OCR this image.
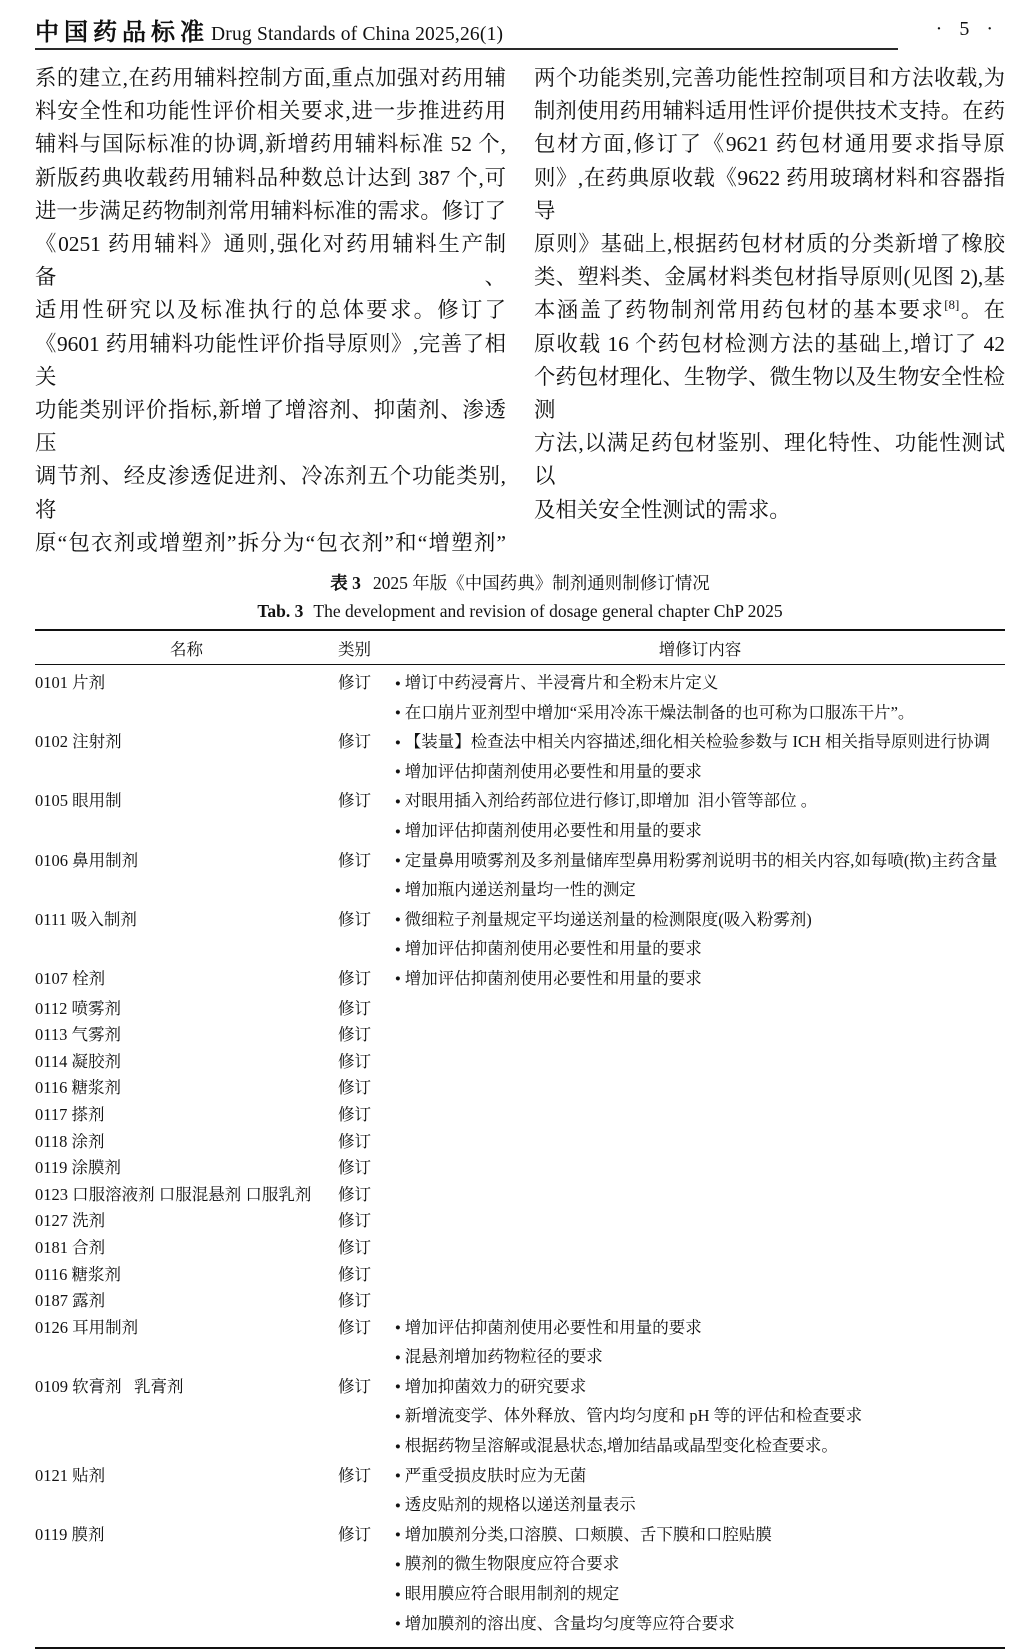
中国药品标准 Drug Standards of China 2025,26(1)	· 5 ·
系的建立,在药用辅料控制方面,重点加强对药用辅
料安全性和功能性评价相关要求,进一步推进药用
辅料与国际标准的协调,新增药用辅料标准 52 个,
新版药典收载药用辅料品种数总计达到 387 个,可
进一步满足药物制剂常用辅料标准的需求。修订了
《0251 药用辅料》通则,强化对药用辅料生产制备、
适用性研究以及标准执行的总体要求。修订了
《9601 药用辅料功能性评价指导原则》,完善了相关
功能类别评价指标,新增了增溶剂、抑菌剂、渗透压
调节剂、经皮渗透促进剂、冷冻剂五个功能类别,将
原“包衣剂或增塑剂”拆分为“包衣剂”和“增塑剂”
两个功能类别,完善功能性控制项目和方法收载,为
制剂使用药用辅料适用性评价提供技术支持。在药
包材方面,修订了《9621 药包材通用要求指导原
则》,在药典原收载《9622 药用玻璃材料和容器指导
原则》基础上,根据药包材材质的分类新增了橡胶
类、塑料类、金属材料类包材指导原则(见图 2),基
本涵盖了药物制剂常用药包材的基本要求[8]。在
原收载 16 个药包材检测方法的基础上,增订了 42
个药包材理化、生物学、微生物以及生物安全性检测
方法,以满足药包材鉴别、理化特性、功能性测试以
及相关安全性测试的需求。
表 3 2025 年版《中国药典》制剂通则制修订情况
Tab. 3 The development and revision of dosage general chapter ChP 2025
名称	类别	增修订内容
0101 片剂	修订	● 增订中药浸膏片、半浸膏片和全粉末片定义
● 在口崩片亚剂型中增加“采用冷冻干燥法制备的也可称为口服冻干片”。
0102 注射剂	修订	● 【装量】检查法中相关内容描述,细化相关检验参数与 ICH 相关指导原则进行协调
● 增加评估抑菌剂使用必要性和用量的要求
0105 眼用制	修订	● 对眼用插入剂给药部位进行修订,即增加  泪小管等部位 。
● 增加评估抑菌剂使用必要性和用量的要求
0106 鼻用制剂	修订	● 定量鼻用喷雾剂及多剂量储库型鼻用粉雾剂说明书的相关内容,如每喷(揿)主药含量
● 增加瓶内递送剂量均一性的测定
0111 吸入制剂	修订	● 微细粒子剂量规定平均递送剂量的检测限度(吸入粉雾剂)
● 增加评估抑菌剂使用必要性和用量的要求
0107 栓剂	修订	● 增加评估抑菌剂使用必要性和用量的要求
0112 喷雾剂	修订
0113 气雾剂	修订
0114 凝胶剂	修订
0116 糖浆剂	修订
0117 搽剂	修订
0118 涂剂	修订
0119 涂膜剂	修订
0123 口服溶液剂 口服混悬剂 口服乳剂	修订
0127 洗剂	修订
0181 合剂	修订
0116 糖浆剂	修订
0187 露剂	修订
0126 耳用制剂	修订	● 增加评估抑菌剂使用必要性和用量的要求
● 混悬剂增加药物粒径的要求
0109 软膏剂   乳膏剂	修订	● 增加抑菌效力的研究要求
● 新增流变学、体外释放、管内均匀度和 pH 等的评估和检查要求
● 根据药物呈溶解或混悬状态,增加结晶或晶型变化检查要求。
0121 贴剂	修订	● 严重受损皮肤时应为无菌
● 透皮贴剂的规格以递送剂量表示
0119 膜剂	修订	● 增加膜剂分类,口溶膜、口颊膜、舌下膜和口腔贴膜
● 膜剂的微生物限度应符合要求
● 眼用膜应符合眼用制剂的规定
● 增加膜剂的溶出度、含量均匀度等应符合要求
